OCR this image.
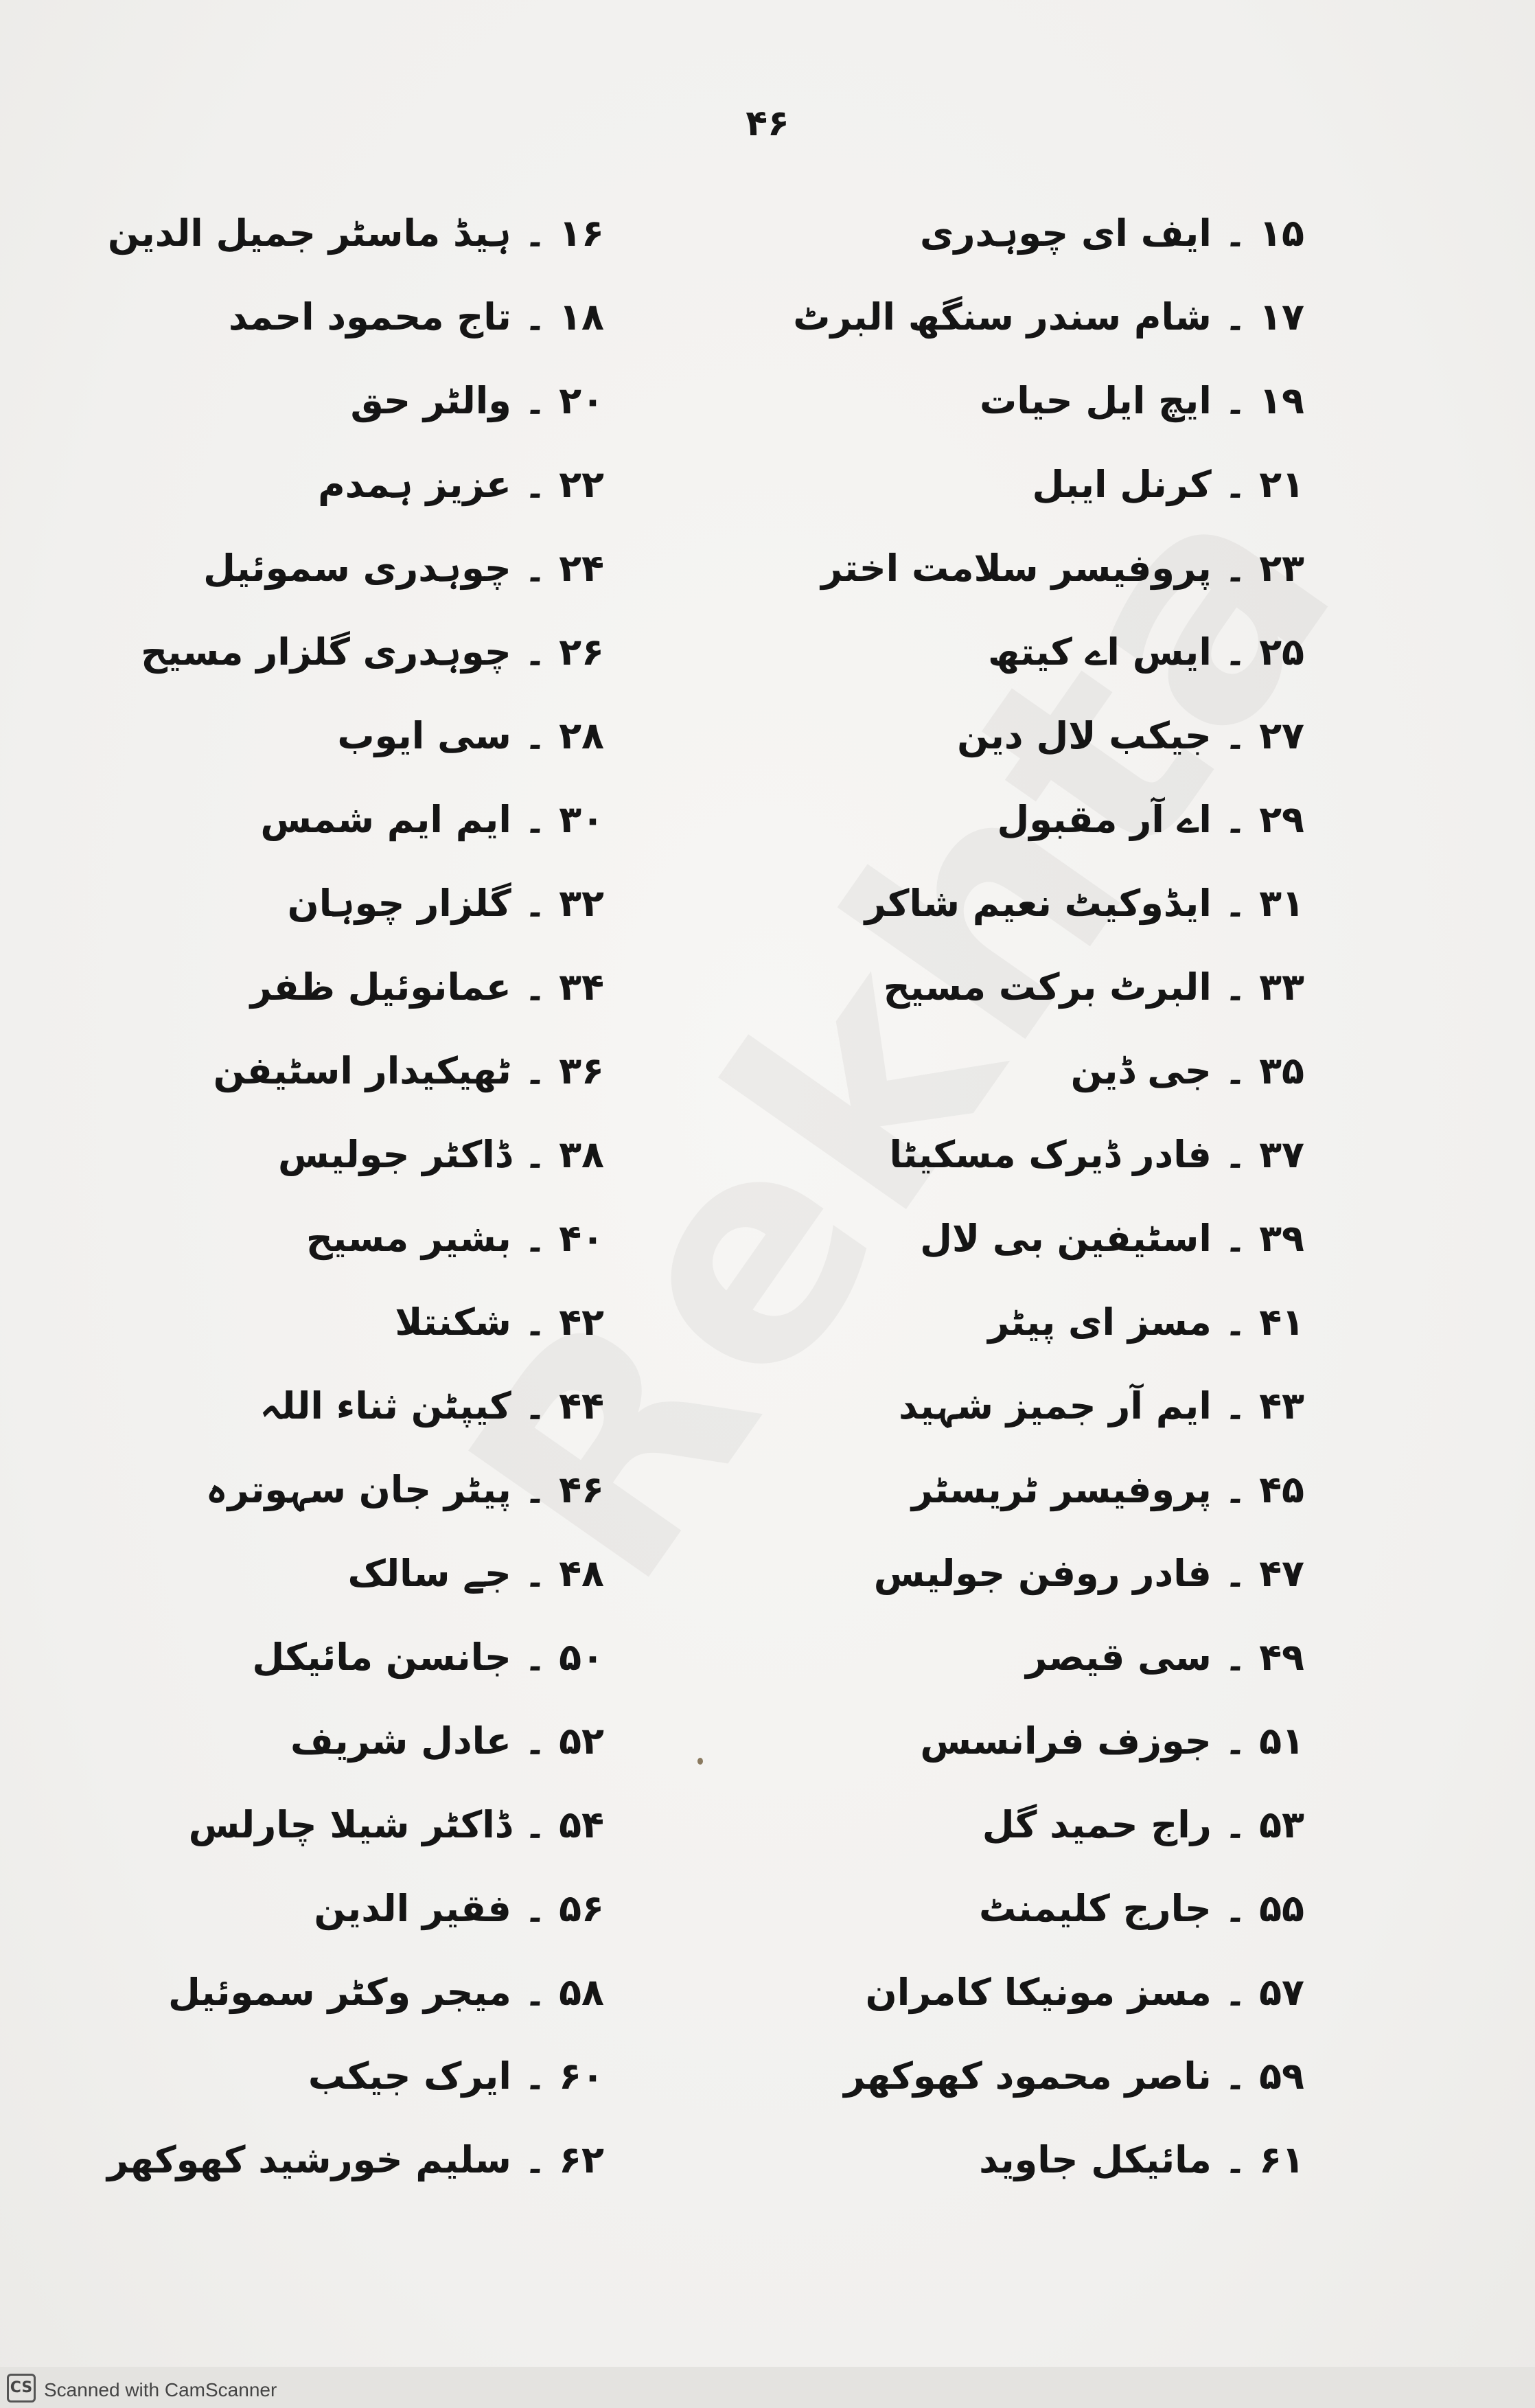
۴۶
۱۵ ۔ ایف ای چوہدری
۱۷ ۔ شام سندر سنگھ البرٹ
۱۹ ۔ ایچ ایل حیات
۲۱ ۔ کرنل ایبل
۲۳ ۔ پروفیسر سلامت اختر
۲۵ ۔ ایس اے کیتھ
۲۷ ۔ جیکب لال دین
۲۹ ۔ اے آر مقبول
۳۱ ۔ ایڈوکیٹ نعیم شاکر
۳۳ ۔ البرٹ برکت مسیح
۳۵ ۔ جی ڈین
۳۷ ۔ فادر ڈیرک مسکیٹا
۳۹ ۔ اسٹیفین بی لال
۴۱ ۔ مسز ای پیٹر
۴۳ ۔ ایم آر جمیز شہید
۴۵ ۔ پروفیسر ٹریسٹر
۴۷ ۔ فادر روفن جولیس
۴۹ ۔ سی قیصر
۵۱ ۔ جوزف فرانسس
۵۳ ۔ راج حمید گل
۵۵ ۔ جارج کلیمنٹ
۵۷ ۔ مسز مونیکا کامران
۵۹ ۔ ناصر محمود کھوکھر
۶۱ ۔ مائیکل جاوید
۱۶ ۔ ہیڈ ماسٹر جمیل الدین
۱۸ ۔ تاج محمود احمد
۲۰ ۔ والٹر حق
۲۲ ۔ عزیز ہمدم
۲۴ ۔ چوہدری سموئیل
۲۶ ۔ چوہدری گلزار مسیح
۲۸ ۔ سی ایوب
۳۰ ۔ ایم ایم شمس
۳۲ ۔ گلزار چوہان
۳۴ ۔ عمانوئیل ظفر
۳۶ ۔ ٹھیکیدار اسٹیفن
۳۸ ۔ ڈاکٹر جولیس
۴۰ ۔ بشیر مسیح
۴۲ ۔ شکنتلا
۴۴ ۔ کیپٹن ثناء اللہ
۴۶ ۔ پیٹر جان سہوترہ
۴۸ ۔ جے سالک
۵۰ ۔ جانسن مائیکل
۵۲ ۔ عادل شریف
۵۴ ۔ ڈاکٹر شیلا چارلس
۵۶ ۔ فقیر الدین
۵۸ ۔ میجر وکٹر سموئیل
۶۰ ۔ ایرک جیکب
۶۲ ۔ سلیم خورشید کھوکھر
CS Scanned with CamScanner
